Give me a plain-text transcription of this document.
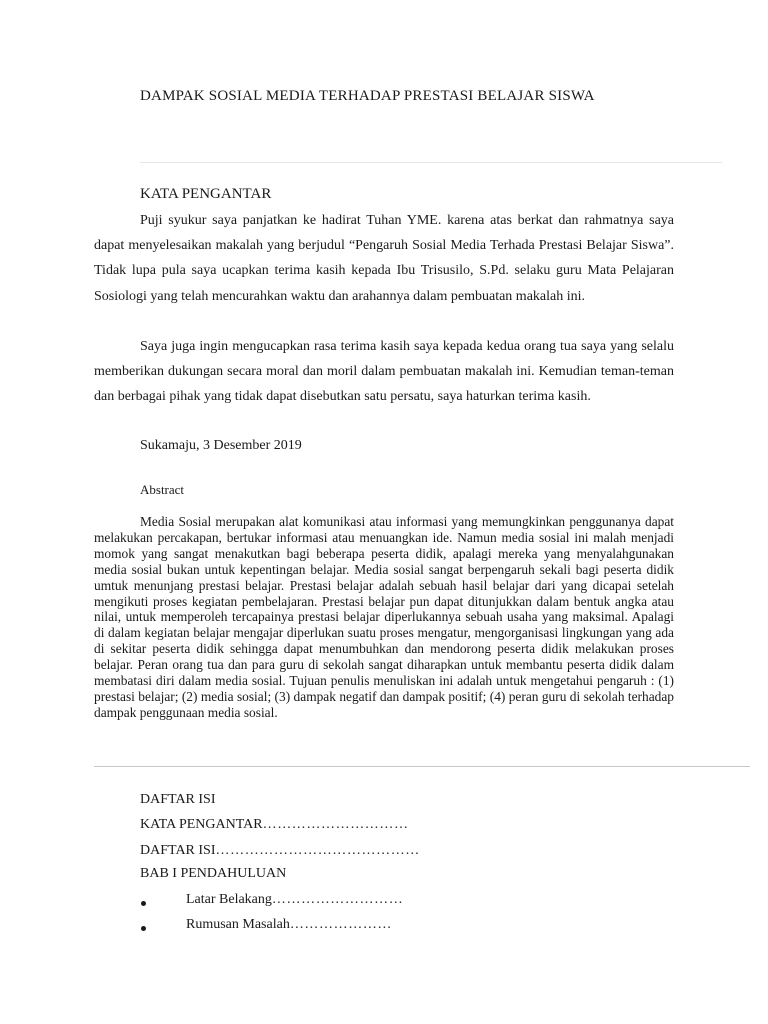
DAMPAK SOSIAL MEDIA TERHADAP PRESTASI BELAJAR SISWA
KATA PENGANTAR

Puji syukur saya panjatkan ke hadirat Tuhan YME. karena atas berkat dan rahmatnya saya dapat menyelesaikan makalah yang berjudul “Pengaruh Sosial Media Terhada Prestasi Belajar Siswa”. Tidak lupa pula saya ucapkan terima kasih kepada Ibu Trisusilo, S.Pd. selaku guru Mata Pelajaran Sosiologi yang telah mencurahkan waktu dan arahannya dalam pembuatan makalah ini.

Saya juga ingin mengucapkan rasa terima kasih saya kepada kedua orang tua saya yang selalu memberikan dukungan secara moral dan moril dalam pembuatan makalah ini. Kemudian teman-teman dan berbagai pihak yang tidak dapat disebutkan satu persatu, saya haturkan terima kasih.

Sukamaju, 3 Desember 2019
Abstract

Media Sosial merupakan alat komunikasi atau informasi yang memungkinkan penggunanya dapat melakukan percakapan, bertukar informasi atau menuangkan ide. Namun media sosial ini malah menjadi momok yang sangat menakutkan bagi beberapa peserta didik, apalagi mereka yang menyalahgunakan media sosial bukan untuk kepentingan belajar. Media sosial sangat berpengaruh sekali bagi peserta didik umtuk menunjang prestasi belajar. Prestasi belajar adalah sebuah hasil belajar dari yang dicapai setelah mengikuti proses kegiatan pembelajaran. Prestasi belajar pun dapat ditunjukkan dalam bentuk angka atau nilai, untuk memperoleh tercapainya prestasi belajar diperlukannya sebuah usaha yang maksimal. Apalagi di dalam kegiatan belajar mengajar diperlukan suatu proses mengatur, mengorganisasi lingkungan yang ada di sekitar peserta didik sehingga dapat menumbuhkan dan mendorong peserta didik melakukan proses belajar. Peran orang tua dan para guru di sekolah sangat diharapkan untuk membantu peserta didik dalam membatasi diri dalam media sosial. Tujuan penulis menuliskan ini adalah untuk mengetahui pengaruh : (1) prestasi belajar; (2) media sosial; (3) dampak negatif dan dampak positif; (4) peran guru di sekolah terhadap dampak penggunaan media sosial.

DAFTAR ISI
KATA PENGANTAR…………………………
DAFTAR ISI……………………………………
BAB I PENDAHULUAN
Latar Belakang………………………
Rumusan Masalah…………………
